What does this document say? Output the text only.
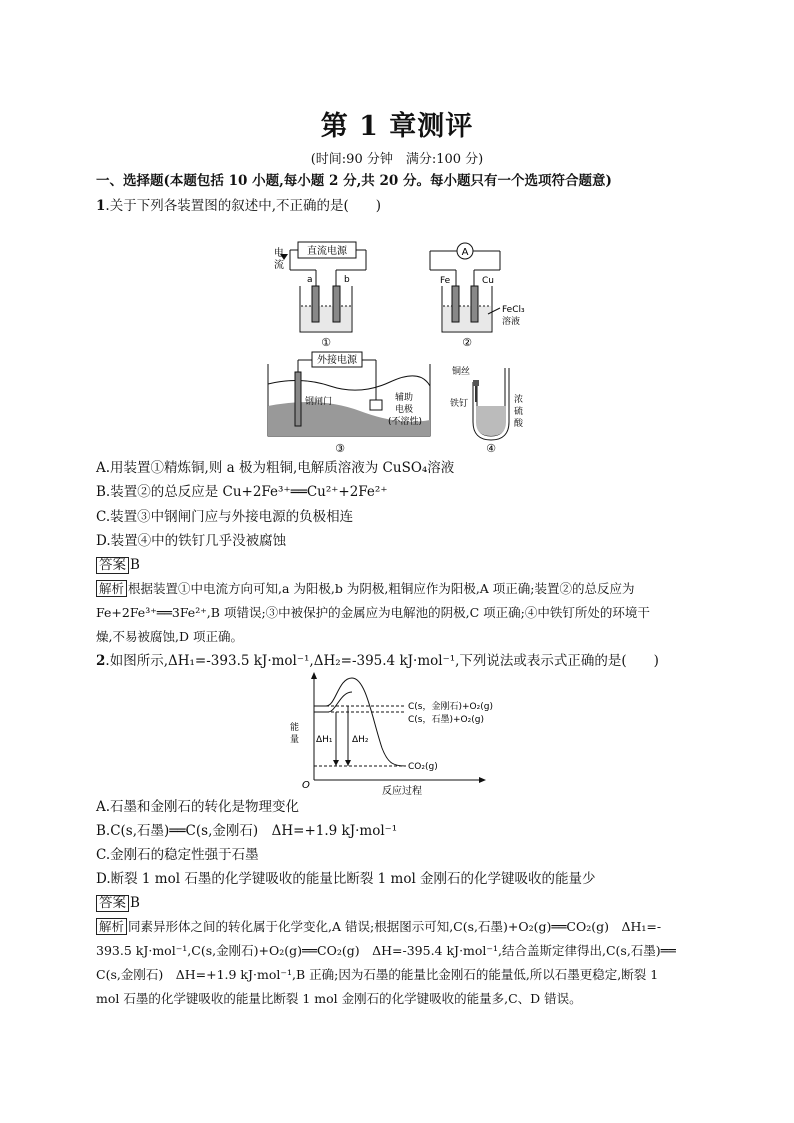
第 1 章测评
(时间:90 分钟　满分:100 分)
一、选择题(本题包括 10 小题,每小题 2 分,共 20 分。每小题只有一个选项符合题意)
1.关于下列各装置图的叙述中,不正确的是(　　)
直流电源
电
流
a	b
①
A
Fe	Cu
FeCl₃
溶液
②
外接电源
钢闸门	辅助
电极
(不溶性)
③
铜丝
铁钉	浓
硫
酸
④
A.用装置①精炼铜,则 a 极为粗铜,电解质溶液为 CuSO₄溶液
B.装置②的总反应是 Cu+2Fe³⁺══Cu²⁺+2Fe²⁺
C.装置③中钢闸门应与外接电源的负极相连
D.装置④中的铁钉几乎没被腐蚀
答案 B
解析 根据装置①中电流方向可知,a 为阳极,b 为阴极,粗铜应作为阳极,A 项正确;装置②的总反应为
Fe+2Fe³⁺══3Fe²⁺,B 项错误;③中被保护的金属应为电解池的阴极,C 项正确;④中铁钉所处的环境干
燥,不易被腐蚀,D 项正确。
2.如图所示,ΔH₁=-393.5 kJ·mol⁻¹,ΔH₂=-395.4 kJ·mol⁻¹,下列说法或表示式正确的是(　　)
O
能
量
反应过程
ΔH₁ ΔH₂
C(s，金刚石)+O₂(g)
C(s，石墨)+O₂(g)
CO₂(g)
A.石墨和金刚石的转化是物理变化
B.C(s,石墨)══C(s,金刚石)　ΔH=+1.9 kJ·mol⁻¹
C.金刚石的稳定性强于石墨
D.断裂 1 mol 石墨的化学键吸收的能量比断裂 1 mol 金刚石的化学键吸收的能量少
答案 B
解析 同素异形体之间的转化属于化学变化,A 错误;根据图示可知,C(s,石墨)+O₂(g)══CO₂(g)　ΔH₁=-
393.5 kJ·mol⁻¹,C(s,金刚石)+O₂(g)══CO₂(g)　ΔH=-395.4 kJ·mol⁻¹,结合盖斯定律得出,C(s,石墨)══
C(s,金刚石)　ΔH=+1.9 kJ·mol⁻¹,B 正确;因为石墨的能量比金刚石的能量低,所以石墨更稳定,断裂 1
mol 石墨的化学键吸收的能量比断裂 1 mol 金刚石的化学键吸收的能量多,C、D 错误。
